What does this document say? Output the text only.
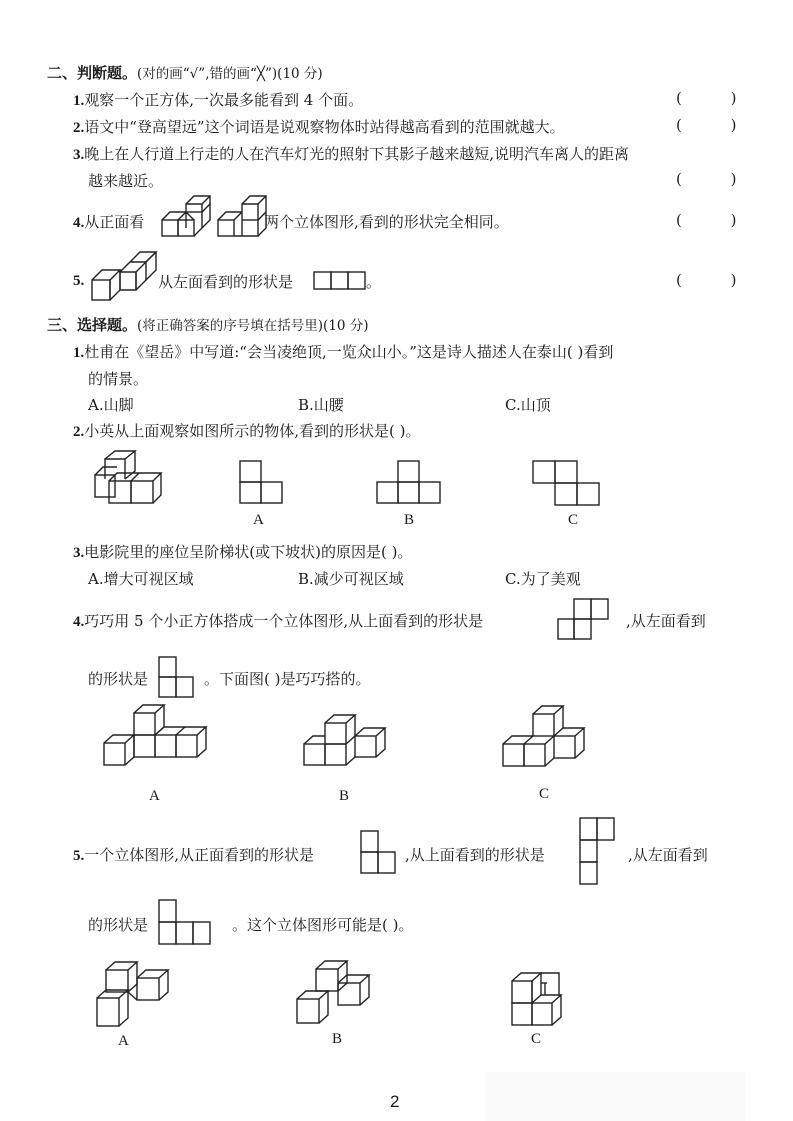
二、判断题。(对的画“√”,错的画“╳”)(10 分)
1.观察一个正方体,一次最多能看到 4 个面。	( )
2.语文中“登高望远”这个词语是说观察物体时站得越高看到的范围就越大。	( )
3.晚上在人行道上行走的人在汽车灯光的照射下其影子越来越短,说明汽车离人的距离
越来越近。	( )
4.从正面看	两个立体图形,看到的形状完全相同。	( )
5.	从左面看到的形状是	。	( )
三、选择题。(将正确答案的序号填在括号里)(10 分)
1.杜甫在《望岳》中写道:“会当凌绝顶,一览众山小。”这是诗人描述人在泰山( )看到
的情景。
A.山脚	B.山腰	C.山顶
2.小英从上面观察如图所示的物体,看到的形状是( )。
A	B	C
3.电影院里的座位呈阶梯状(或下坡状)的原因是( )。
A.增大可视区域	B.减少可视区域	C.为了美观
4.巧巧用 5 个小正方体搭成一个立体图形,从上面看到的形状是	,从左面看到
的形状是	。下面图( )是巧巧搭的。
A	B	C
5.一个立体图形,从正面看到的形状是	,从上面看到的形状是	,从左面看到
的形状是	。这个立体图形可能是( )。
A	B	C
2
